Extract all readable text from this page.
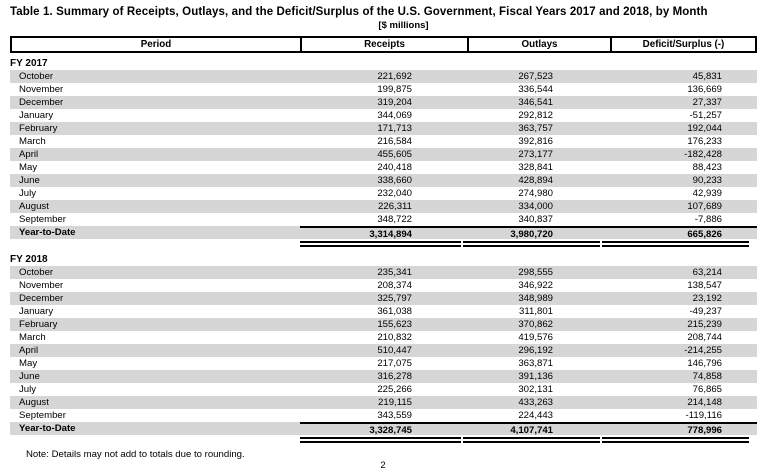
Table 1. Summary of Receipts, Outlays, and the Deficit/Surplus of the U.S. Government, Fiscal Years 2017 and 2018, by Month
[$ millions]
Period	Receipts	Outlays	Deficit/Surplus (-)
FY 2017
October	221,692	267,523	45,831
November	199,875	336,544	136,669
December	319,204	346,541	27,337
January	344,069	292,812	-51,257
February	171,713	363,757	192,044
March	216,584	392,816	176,233
April	455,605	273,177	-182,428
May	240,418	328,841	88,423
June	338,660	428,894	90,233
July	232,040	274,980	42,939
August	226,311	334,000	107,689
September	348,722	340,837	-7,886
Year-to-Date	3,314,894	3,980,720	665,826
FY 2018
October	235,341	298,555	63,214
November	208,374	346,922	138,547
December	325,797	348,989	23,192
January	361,038	311,801	-49,237
February	155,623	370,862	215,239
March	210,832	419,576	208,744
April	510,447	296,192	-214,255
May	217,075	363,871	146,796
June	316,278	391,136	74,858
July	225,266	302,131	76,865
August	219,115	433,263	214,148
September	343,559	224,443	-119,116
Year-to-Date	3,328,745	4,107,741	778,996
Note: Details may not add to totals due to rounding.
2
